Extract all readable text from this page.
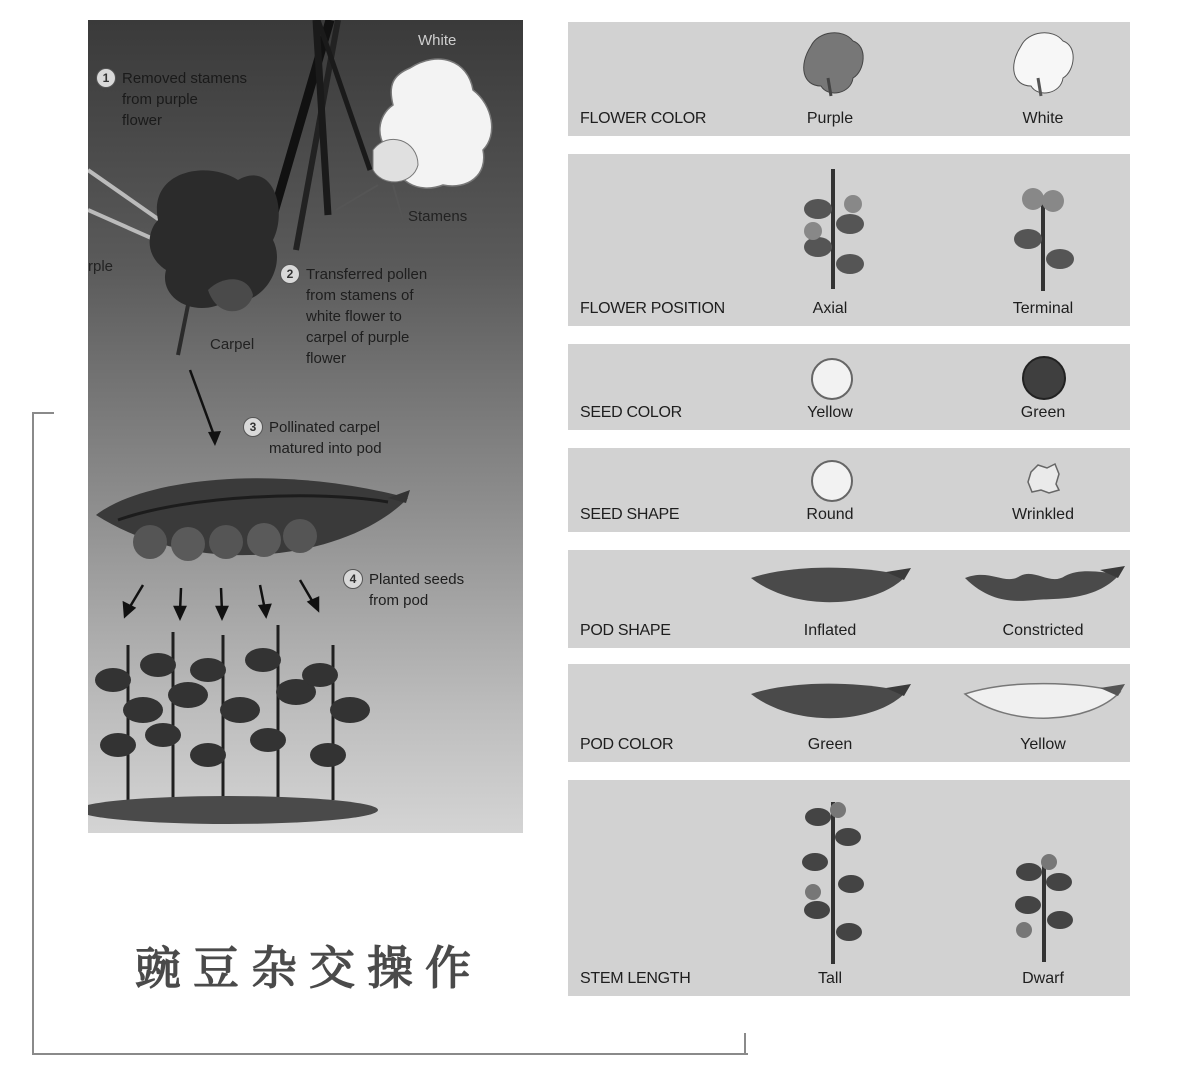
1 Removed stamens
from purple
flower
White
Stamens
rple	2 Transferred pollen
from stamens of
white flower to
carpel of purple
flower
Carpel
3 Pollinated carpel
matured into pod
4 Planted seeds
from pod
豌豆杂交操作
FLOWER COLOR	Purple	White
FLOWER POSITION	Axial	Terminal
SEED COLOR	Yellow	Green
SEED SHAPE	Round	Wrinkled
POD SHAPE	Inflated	Constricted
POD COLOR	Green	Yellow
STEM LENGTH	Tall	Dwarf
